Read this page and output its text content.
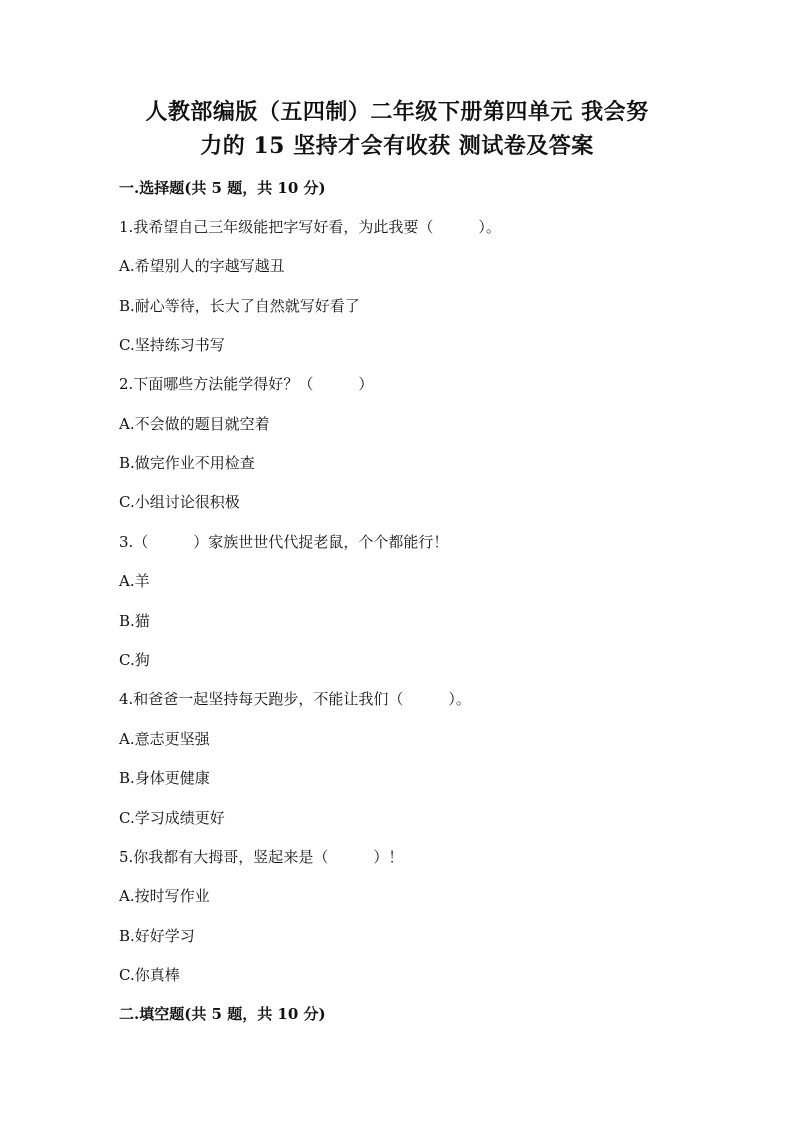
人教部编版（五四制）二年级下册第四单元 我会努
力的 15 坚持才会有收获 测试卷及答案
一.选择题(共 5 题，共 10 分)
1.我希望自己三年级能把字写好看，为此我要（　　　）。
A.希望别人的字越写越丑
B.耐心等待，长大了自然就写好看了
C.坚持练习书写
2.下面哪些方法能学得好？（　　　）
A.不会做的题目就空着
B.做完作业不用检查
C.小组讨论很积极
3.（　　　）家族世世代代捉老鼠，个个都能行！
A.羊
B.猫
C.狗
4.和爸爸一起坚持每天跑步，不能让我们（　　　）。
A.意志更坚强
B.身体更健康
C.学习成绩更好
5.你我都有大拇哥，竖起来是（　　　）！
A.按时写作业
B.好好学习
C.你真棒
二.填空题(共 5 题，共 10 分)
